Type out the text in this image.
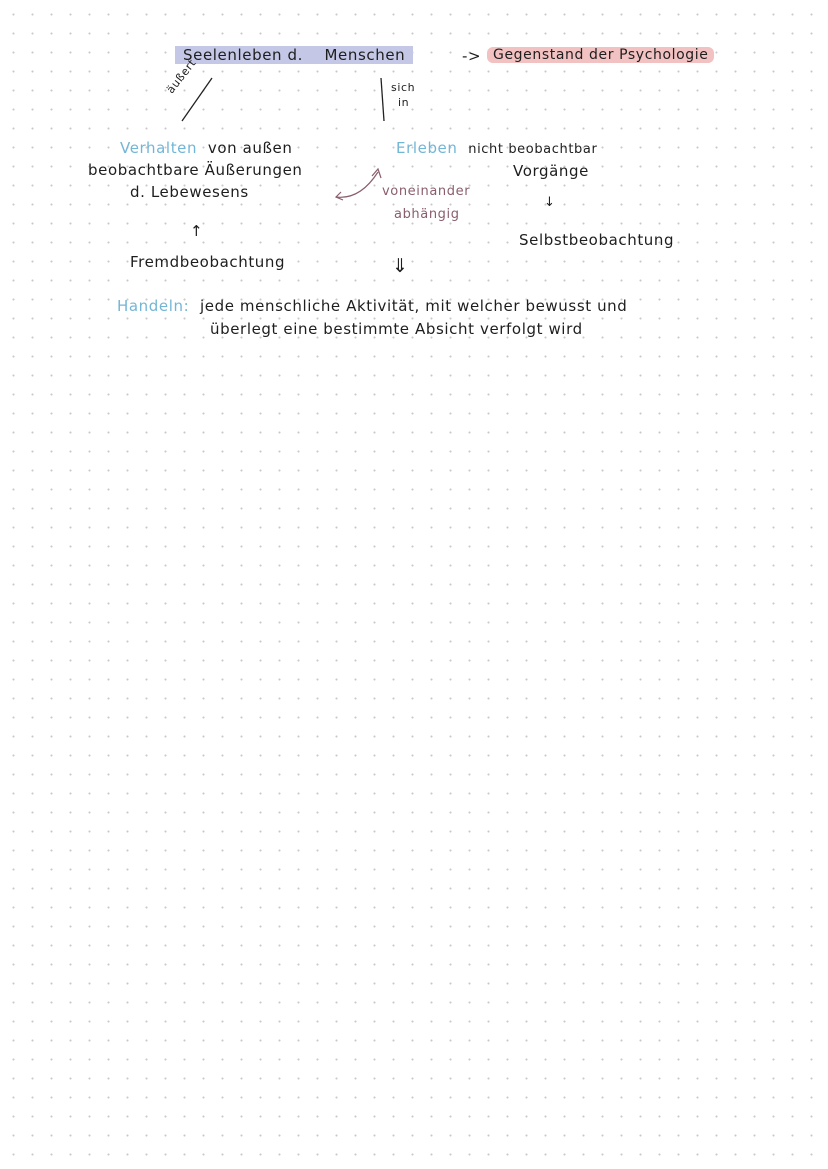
Seelenleben d. Menschen	-> Gegenstand der Psychologie
äußert	sich
in
Verhalten von außen
beobachtbare Äußerungen
d. Lebewesens
↑
Fremdbeobachtung
voneinander
abhängig
Erleben nicht beobachtbar
Vorgänge
↓
Selbstbeobachtung
⇓
Handeln: jede menschliche Aktivität, mit welcher bewusst und
überlegt eine bestimmte Absicht verfolgt wird
